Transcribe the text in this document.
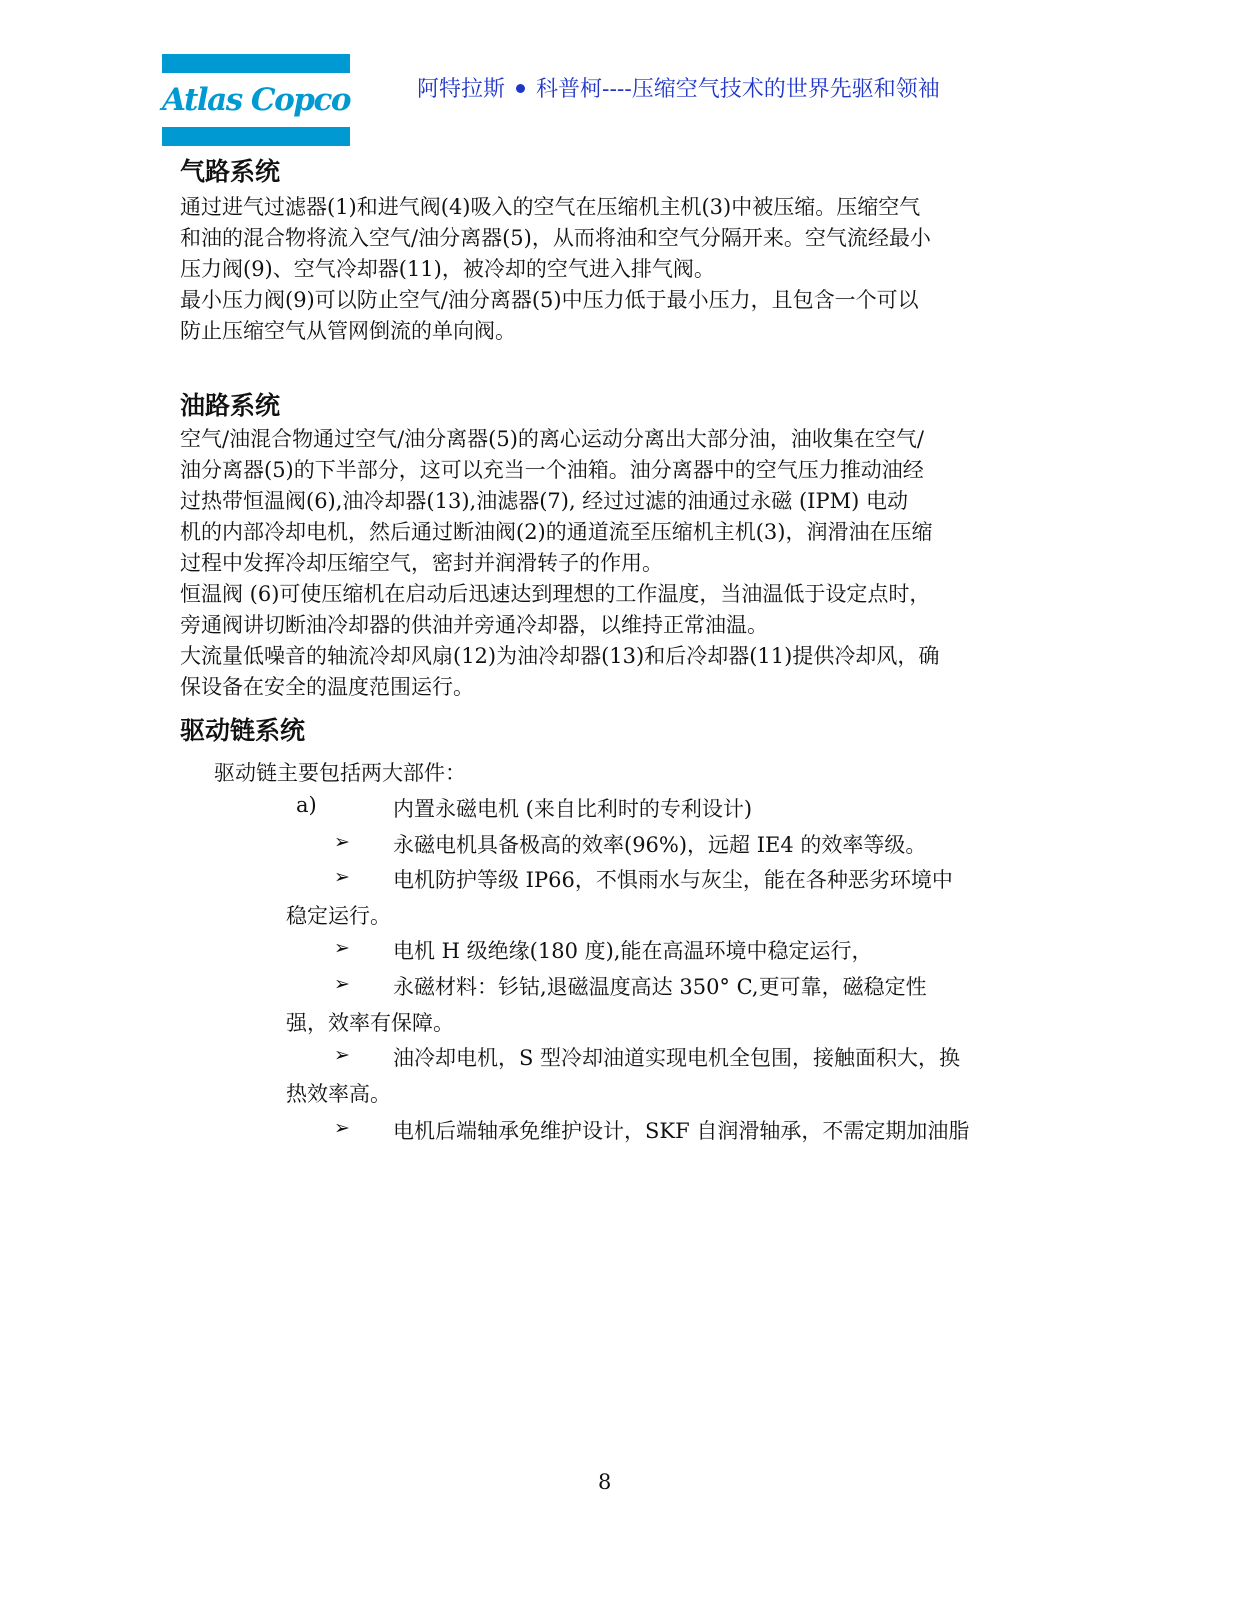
Atlas Copco	阿特拉斯 科普柯----压缩空气技术的世界先驱和领袖
气路系统
通过进气过滤器(1)和进气阀(4)吸入的空气在压缩机主机(3)中被压缩。压缩空气
和油的混合物将流入空气/油分离器(5)，从而将油和空气分隔开来。空气流经最小
压力阀(9)、空气冷却器(11)，被冷却的空气进入排气阀。
最小压力阀(9)可以防止空气/油分离器(5)中压力低于最小压力，且包含一个可以
防止压缩空气从管网倒流的单向阀。
油路系统
空气/油混合物通过空气/油分离器(5)的离心运动分离出大部分油，油收集在空气/
油分离器(5)的下半部分，这可以充当一个油箱。油分离器中的空气压力推动油经
过热带恒温阀(6),油冷却器(13),油滤器(7), 经过过滤的油通过永磁 (IPM) 电动
机的内部冷却电机，然后通过断油阀(2)的通道流至压缩机主机(3)，润滑油在压缩
过程中发挥冷却压缩空气，密封并润滑转子的作用。
恒温阀 (6)可使压缩机在启动后迅速达到理想的工作温度，当油温低于设定点时，
旁通阀讲切断油冷却器的供油并旁通冷却器，以维持正常油温。
大流量低噪音的轴流冷却风扇(12)为油冷却器(13)和后冷却器(11)提供冷却风，确
保设备在安全的温度范围运行。
驱动链系统
驱动链主要包括两大部件：
a)	内置永磁电机 (来自比利时的专利设计)
➢ 永磁电机具备极高的效率(96%)，远超 IE4 的效率等级。
➢ 电机防护等级 IP66，不惧雨水与灰尘，能在各种恶劣环境中
稳定运行。
➢ 电机 H 级绝缘(180 度),能在高温环境中稳定运行，
➢ 永磁材料：钐钴,退磁温度高达 350° C,更可靠，磁稳定性
强，效率有保障。
➢ 油冷却电机，S 型冷却油道实现电机全包围，接触面积大，换
热效率高。
➢ 电机后端轴承免维护设计，SKF 自润滑轴承，不需定期加油脂
8
